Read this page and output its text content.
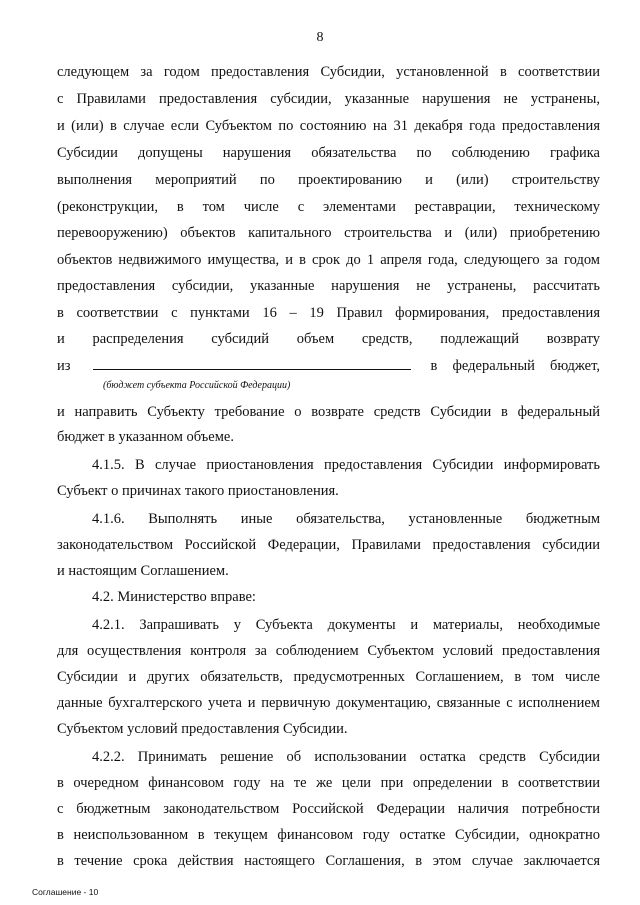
8
следующем за годом предоставления Субсидии, установленной в соответствии
с Правилами предоставления субсидии, указанные нарушения не устранены,
и (или) в случае если Субъектом по состоянию на 31 декабря года предоставления
Субсидии допущены нарушения обязательства по соблюдению графика
выполнения мероприятий по проектированию и (или) строительству
(реконструкции, в том числе с элементами реставрации, техническому
перевооружению) объектов капитального строительства и (или) приобретению
объектов недвижимого имущества, и в срок до 1 апреля года, следующего за годом
предоставления субсидии, указанные нарушения не устранены, рассчитать
в соответствии с пунктами 16 – 19 Правил формирования, предоставления
и распределения субсидий объем средств, подлежащий возврату
из	в федеральный бюджет,
(бюджет субъекта Российской Федерации)
и направить Субъекту требование о возврате средств Субсидии в федеральный
бюджет в указанном объеме.
4.1.5. В случае приостановления предоставления Субсидии информировать
Субъект о причинах такого приостановления.
4.1.6. Выполнять иные обязательства, установленные бюджетным
законодательством Российской Федерации, Правилами предоставления субсидии
и настоящим Соглашением.
4.2. Министерство вправе:
4.2.1. Запрашивать у Субъекта документы и материалы, необходимые
для осуществления контроля за соблюдением Субъектом условий предоставления
Субсидии и других обязательств, предусмотренных Соглашением, в том числе
данные бухгалтерского учета и первичную документацию, связанные с исполнением
Субъектом условий предоставления Субсидии.
4.2.2. Принимать решение об использовании остатка средств Субсидии
в очередном финансовом году на те же цели при определении в соответствии
с бюджетным законодательством Российской Федерации наличия потребности
в неиспользованном в текущем финансовом году остатке Субсидии, однократно
в течение срока действия настоящего Соглашения, в этом случае заключается
Соглашение - 10
